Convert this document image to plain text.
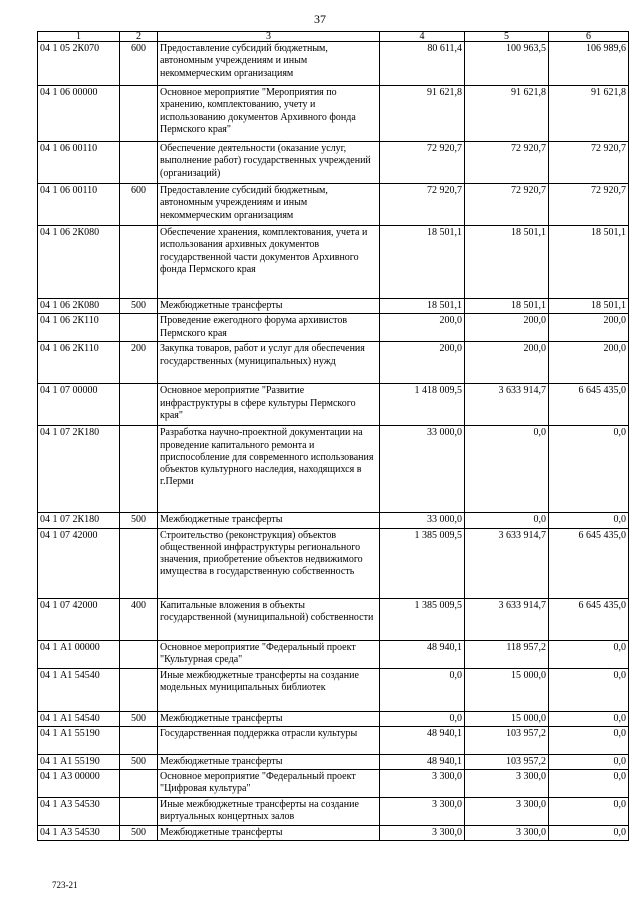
37
1	2	3	4	5	6
04 1 05 2К070	600	Предоставление субсидий бюджетным, автономным учреждениям и иным некоммерческим организациям	80 611,4	100 963,5	106 989,6
04 1 06 00000		Основное мероприятие "Мероприятия по хранению, комплектованию, учету и использованию документов Архивного фонда Пермского края"	91 621,8	91 621,8	91 621,8
04 1 06 00110		Обеспечение деятельности (оказание услуг, выполнение работ) государственных учреждений (организаций)	72 920,7	72 920,7	72 920,7
04 1 06 00110	600	Предоставление субсидий бюджетным, автономным учреждениям и иным некоммерческим организациям	72 920,7	72 920,7	72 920,7
04 1 06 2К080		Обеспечение хранения, комплектования, учета и использования архивных документов государственной части документов Архивного фонда Пермского края	18 501,1	18 501,1	18 501,1
04 1 06 2К080	500	Межбюджетные трансферты	18 501,1	18 501,1	18 501,1
04 1 06 2К110		Проведение ежегодного форума архивистов Пермского края	200,0	200,0	200,0
04 1 06 2К110	200	Закупка товаров, работ и услуг для обеспечения государственных (муниципальных) нужд	200,0	200,0	200,0
04 1 07 00000		Основное мероприятие "Развитие инфраструктуры в сфере культуры Пермского края"	1 418 009,5	3 633 914,7	6 645 435,0
04 1 07 2К180		Разработка научно-проектной документации на проведение капитального ремонта и приспособление для современного использования объектов культурного наследия, находящихся в г.Перми	33 000,0	0,0	0,0
04 1 07 2К180	500	Межбюджетные трансферты	33 000,0	0,0	0,0
04 1 07 42000		Строительство (реконструкция) объектов общественной инфраструктуры регионального значения, приобретение объектов недвижимого имущества в государственную собственность	1 385 009,5	3 633 914,7	6 645 435,0
04 1 07 42000	400	Капитальные вложения в объекты государственной (муниципальной) собственности	1 385 009,5	3 633 914,7	6 645 435,0
04 1 А1 00000		Основное мероприятие "Федеральный проект "Культурная среда"	48 940,1	118 957,2	0,0
04 1 А1 54540		Иные межбюджетные трансферты на создание модельных муниципальных библиотек	0,0	15 000,0	0,0
04 1 А1 54540	500	Межбюджетные трансферты	0,0	15 000,0	0,0
04 1 А1 55190		Государственная поддержка отрасли культуры	48 940,1	103 957,2	0,0
04 1 А1 55190	500	Межбюджетные трансферты	48 940,1	103 957,2	0,0
04 1 А3 00000		Основное мероприятие "Федеральный проект "Цифровая культура"	3 300,0	3 300,0	0,0
04 1 А3 54530		Иные межбюджетные трансферты на создание виртуальных концертных залов	3 300,0	3 300,0	0,0
04 1 А3 54530	500	Межбюджетные трансферты	3 300,0	3 300,0	0,0
723-21
